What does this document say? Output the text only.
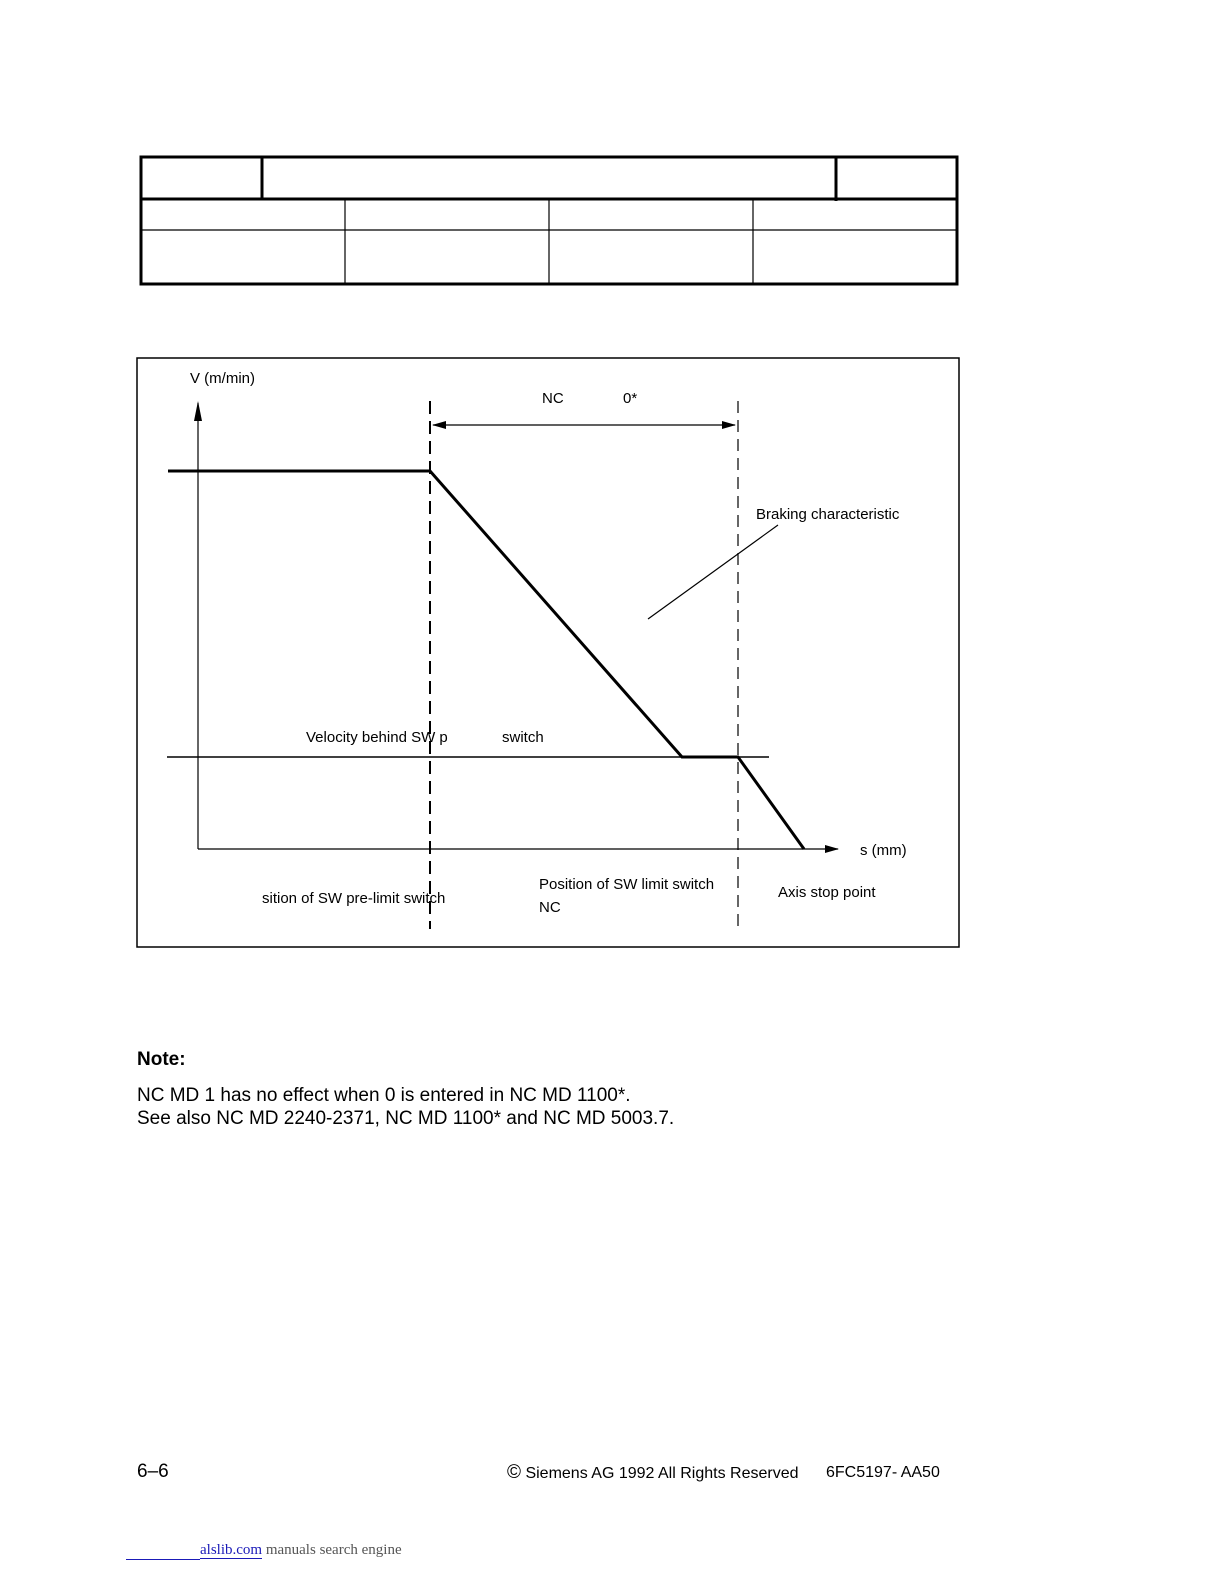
V (m/min)
NC	0*
Braking characteristic
Velocity behind SW p	switch
s (mm)
sition of SW pre-limit switch
Position of SW limit switch
NC
Axis stop point
Note:
NC MD 1 has no effect when 0 is entered in NC MD 1100*.
See also NC MD 2240-2371, NC MD 1100* and NC MD 5003.7.
6–6	© Siemens AG 1992 All Rights Reserved 6FC5197- AA50
alslib.com manuals search engine
